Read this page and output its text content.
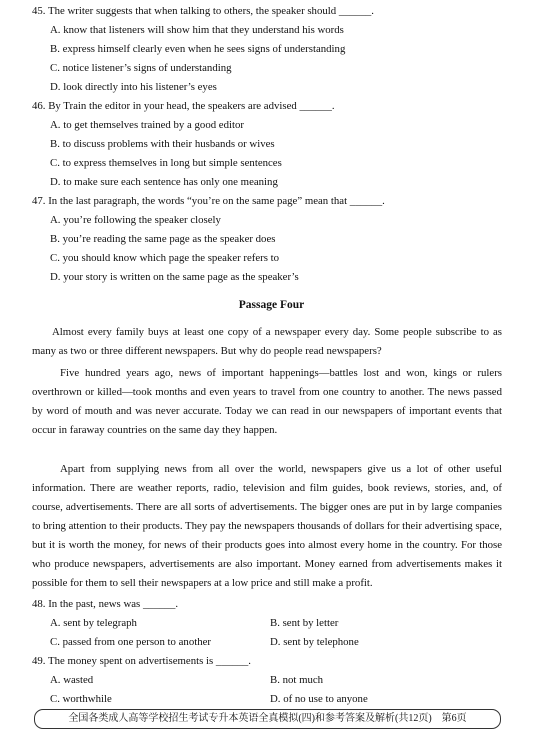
45. The writer suggests that when talking to others, the speaker should ______.

A. know that listeners will show him that they understand his words

B. express himself clearly even when he sees signs of understanding

C. notice listener’s signs of understanding

D. look directly into his listener’s eyes

46. By Train the editor in your head, the speakers are advised ______.

A. to get themselves trained by a good editor

B. to discuss problems with their husbands or wives

C. to express themselves in long but simple sentences

D. to make sure each sentence has only one meaning

47. In the last paragraph, the words “you’re on the same page” mean that ______.

A. you’re following the speaker closely

B. you’re reading the same page as the speaker does

C. you should know which page the speaker refers to

D. your story is written on the same page as the speaker’s

Passage Four

Almost every family buys at least one copy of a newspaper every day. Some people subscribe to as many as two or three different newspapers. But why do people read newspapers?

Five hundred years ago, news of important happenings—battles lost and won, kings or rulers overthrown or killed—took months and even years to travel from one country to another. The news passed by word of mouth and was never accurate. Today we can read in our newspapers of important events that occur in faraway countries on the same day they happen.

Apart from supplying news from all over the world, newspapers give us a lot of other useful information. There are weather reports, radio, television and film guides, book reviews, stories, and, of course, advertisements. There are all sorts of advertisements. The bigger ones are put in by large companies to bring attention to their products. They pay the newspapers thousands of dollars for their advertising space, but it is worth the money, for news of their products goes into almost every home in the country. For those who produce newspapers, advertisements are also important. Money earned from advertisements makes it possible for them to sell their newspapers at a low price and still make a profit.

48. In the past, news was ______.

A. sent by telegraph	B. sent by letter

C. passed from one person to another	D. sent by telephone

49. The money spent on advertisements is ______.

A. wasted	B. not much

C. worthwhile	D. of no use to anyone

全国各类成人高等学校招生考试专升本英语全真模拟(四)和参考答案及解析(共12页)　第6页
